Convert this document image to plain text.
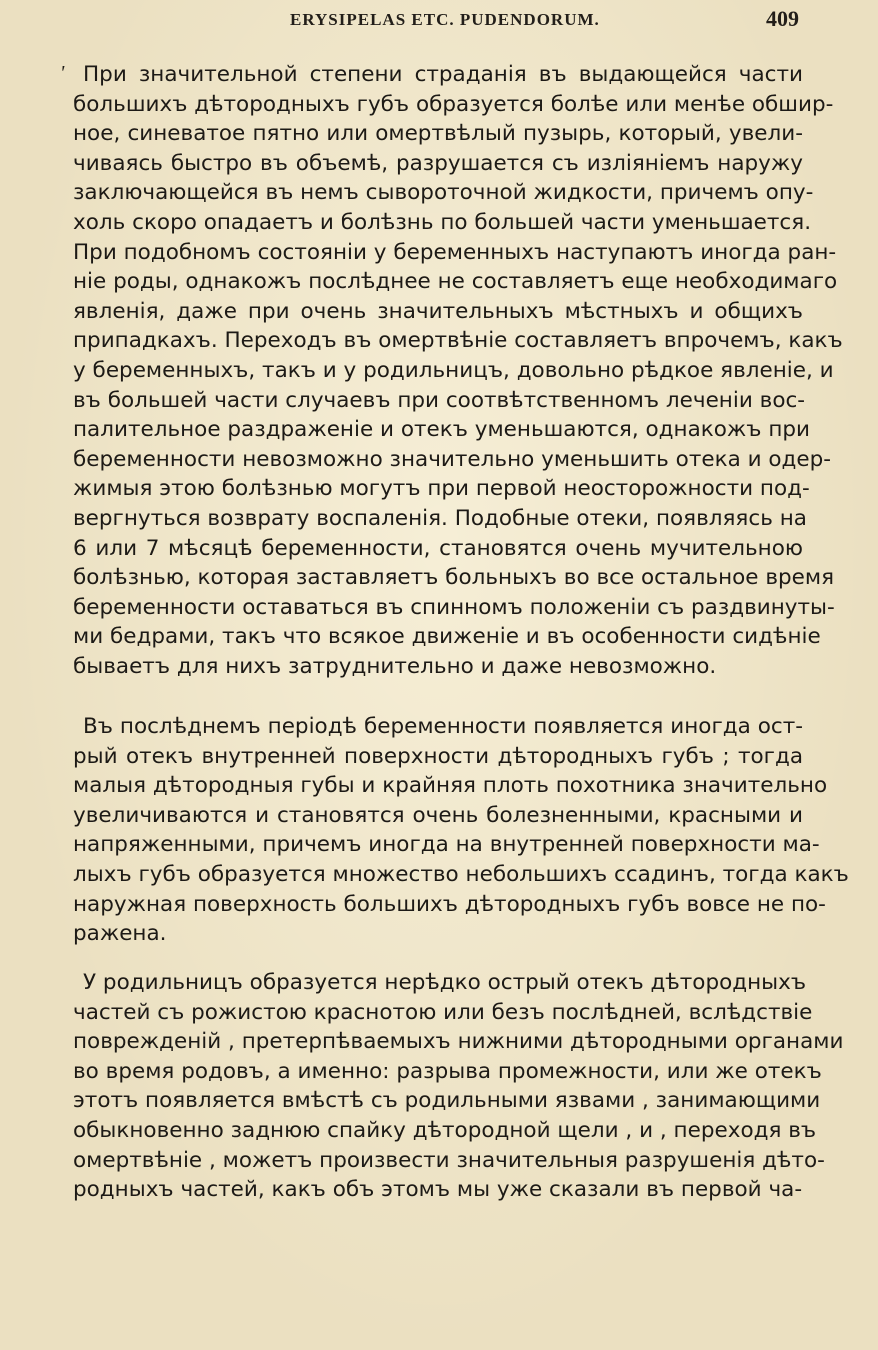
ERYSIPELAS ETC. PUDENDORUM.	409
' При значительной степени страданія въ выдающейся части
большихъ дѣтородныхъ губъ образуется болѣе или менѣе обшир-
ное, синеватое пятно или омертвѣлый пузырь, который, увели-
чиваясь быстро въ объемѣ, разрушается съ изліяніемъ наружу
заключающейся въ немъ сывороточной жидкости, причемъ опу-
холь скоро опадаетъ и болѣзнь по большей части уменьшается.
При подобномъ состояніи у беременныхъ наступаютъ иногда ран-
ніе роды, однакожъ послѣднее не составляетъ еще необходимаго
явленія, даже при очень значительныхъ мѣстныхъ и общихъ
припадкахъ. Переходъ въ омертвѣніе составляетъ впрочемъ, какъ
у беременныхъ, такъ и у родильницъ, довольно рѣдкое явленіе, и
въ большей части случаевъ при соотвѣтственномъ леченіи вос-
палительное раздраженіе и отекъ уменьшаются, однакожъ при
беременности невозможно значительно уменьшить отека и одер-
жимыя этою болѣзнью могутъ при первой неосторожности под-
вергнуться возврату воспаленія. Подобные отеки, появляясь на
6 или 7 мѣсяцѣ беременности, становятся очень мучительною
болѣзнью, которая заставляетъ больныхъ во все остальное время
беременности оставаться въ спинномъ положеніи съ раздвинуты-
ми бедрами, такъ что всякое движеніе и въ особенности сидѣніе
бываетъ для нихъ затруднительно и даже невозможно.
Въ послѣднемъ періодѣ беременности появляется иногда ост-
рый отекъ внутренней поверхности дѣтородныхъ губъ ; тогда
малыя дѣтородныя губы и крайняя плоть похотника значительно
увеличиваются и становятся очень болезненными, красными и
напряженными, причемъ иногда на внутренней поверхности ма-
лыхъ губъ образуется множество небольшихъ ссадинъ, тогда какъ
наружная поверхность большихъ дѣтородныхъ губъ вовсе не по-
ражена.
У родильницъ образуется нерѣдко острый отекъ дѣтородныхъ
частей съ рожистою краснотою или безъ послѣдней, вслѣдствіе
поврежденій , претерпѣваемыхъ нижними дѣтородными органами
во время родовъ, а именно: разрыва промежности, или же отекъ
этотъ появляется вмѣстѣ съ родильными язвами , занимающими
обыкновенно заднюю спайку дѣтородной щели , и , переходя въ
омертвѣніе , можетъ произвести значительныя разрушенія дѣто-
родныхъ частей, какъ объ этомъ мы уже сказали въ первой ча-
